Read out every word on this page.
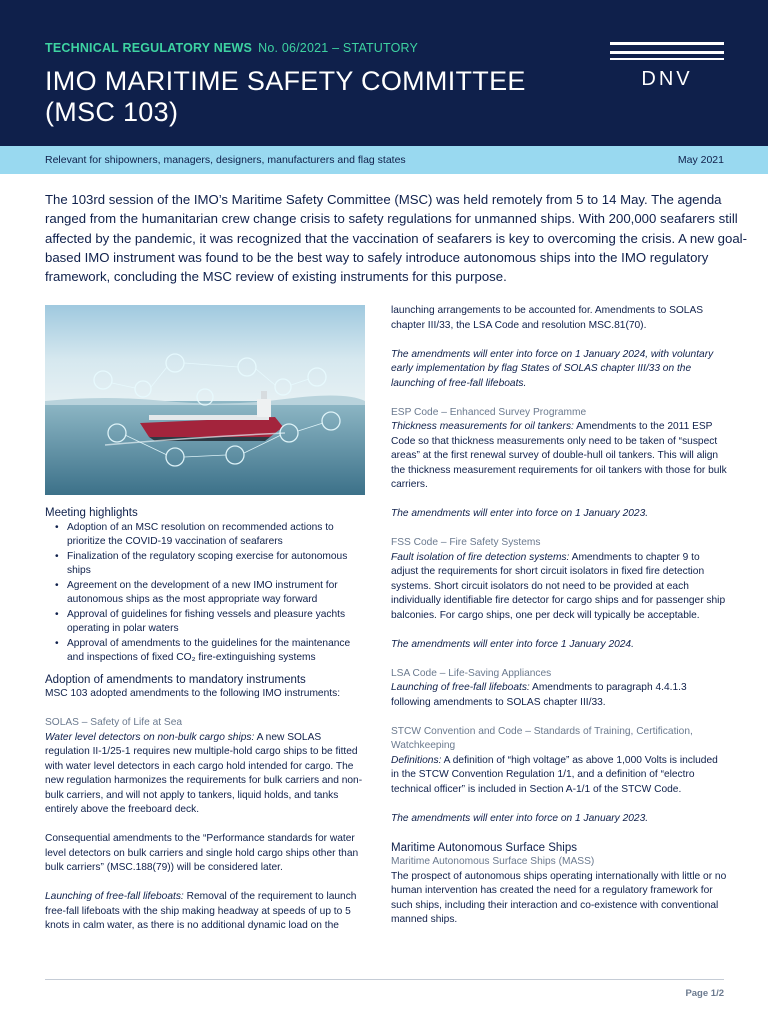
TECHNICAL REGULATORY NEWS No. 06/2021 – STATUTORY
IMO MARITIME SAFETY COMMITTEE
(MSC 103)
DNV
Relevant for shipowners, managers, designers, manufacturers and flag states	May 2021
The 103rd session of the IMO’s Maritime Safety Committee (MSC) was held remotely from 5 to 14 May. The agenda ranged from the humanitarian crew change crisis to safety regulations for unmanned ships. With 200,000 seafarers still affected by the pandemic, it was recognized that the vaccination of seafarers is key to overcoming the crisis. A new goal-based IMO instrument was found to be the best way to safely introduce autonomous ships into the IMO regulatory framework, concluding the MSC review of existing instruments for this purpose.

Meeting highlights

• Adoption of an MSC resolution on recommended actions to prioritize the COVID-19 vaccination of seafarers
• Finalization of the regulatory scoping exercise for autonomous ships
• Agreement on the development of a new IMO instrument for autonomous ships as the most appropriate way forward
• Approval of guidelines for fishing vessels and pleasure yachts operating in polar waters
• Approval of amendments to the guidelines for the maintenance and inspections of fixed CO₂ fire-extinguishing systems

Adoption of amendments to mandatory instruments

MSC 103 adopted amendments to the following IMO instruments:

SOLAS – Safety of Life at Sea

Water level detectors on non-bulk cargo ships: A new SOLAS regulation II-1/25-1 requires new multiple-hold cargo ships to be fitted with water level detectors in each cargo hold intended for cargo. The new regulation harmonizes the requirements for bulk carriers and non-bulk carriers, and will not apply to tankers, liquid holds, and tanks entirely above the freeboard deck.

Consequential amendments to the “Performance standards for water level detectors on bulk carriers and single hold cargo ships other than bulk carriers” (MSC.188(79)) will be considered later.

Launching of free-fall lifeboats: Removal of the requirement to launch free-fall lifeboats with the ship making headway at speeds of up to 5 knots in calm water, as there is no additional dynamic load on the

launching arrangements to be accounted for. Amendments to SOLAS chapter III/33, the LSA Code and resolution MSC.81(70).

The amendments will enter into force on 1 January 2024, with voluntary early implementation by flag States of SOLAS chapter III/33 on the launching of free-fall lifeboats.

ESP Code – Enhanced Survey Programme

Thickness measurements for oil tankers: Amendments to the 2011 ESP Code so that thickness measurements only need to be taken of “suspect areas” at the first renewal survey of double-hull oil tankers. This will align the thickness measurement requirements for oil tankers with those for bulk carriers.

The amendments will enter into force on 1 January 2023.

FSS Code – Fire Safety Systems

Fault isolation of fire detection systems: Amendments to chapter 9 to adjust the requirements for short circuit isolators in fixed fire detection systems. Short circuit isolators do not need to be provided at each individually identifiable fire detector for cargo ships and for passenger ship balconies. For cargo ships, one per deck will typically be acceptable.

The amendments will enter into force 1 January 2024.

LSA Code – Life-Saving Appliances

Launching of free-fall lifeboats: Amendments to paragraph 4.4.1.3 following amendments to SOLAS chapter III/33.

STCW Convention and Code – Standards of Training, Certification, Watchkeeping

Definitions: A definition of “high voltage” as above 1,000 Volts is included in the STCW Convention Regulation 1/1, and a definition of “electro technical officer” is included in Section A-1/1 of the STCW Code.

The amendments will enter into force on 1 January 2023.

Maritime Autonomous Surface Ships

Maritime Autonomous Surface Ships (MASS)

The prospect of autonomous ships operating internationally with little or no human intervention has created the need for a regulatory framework for such ships, including their interaction and co-existence with conventional manned ships.

Page 1/2
